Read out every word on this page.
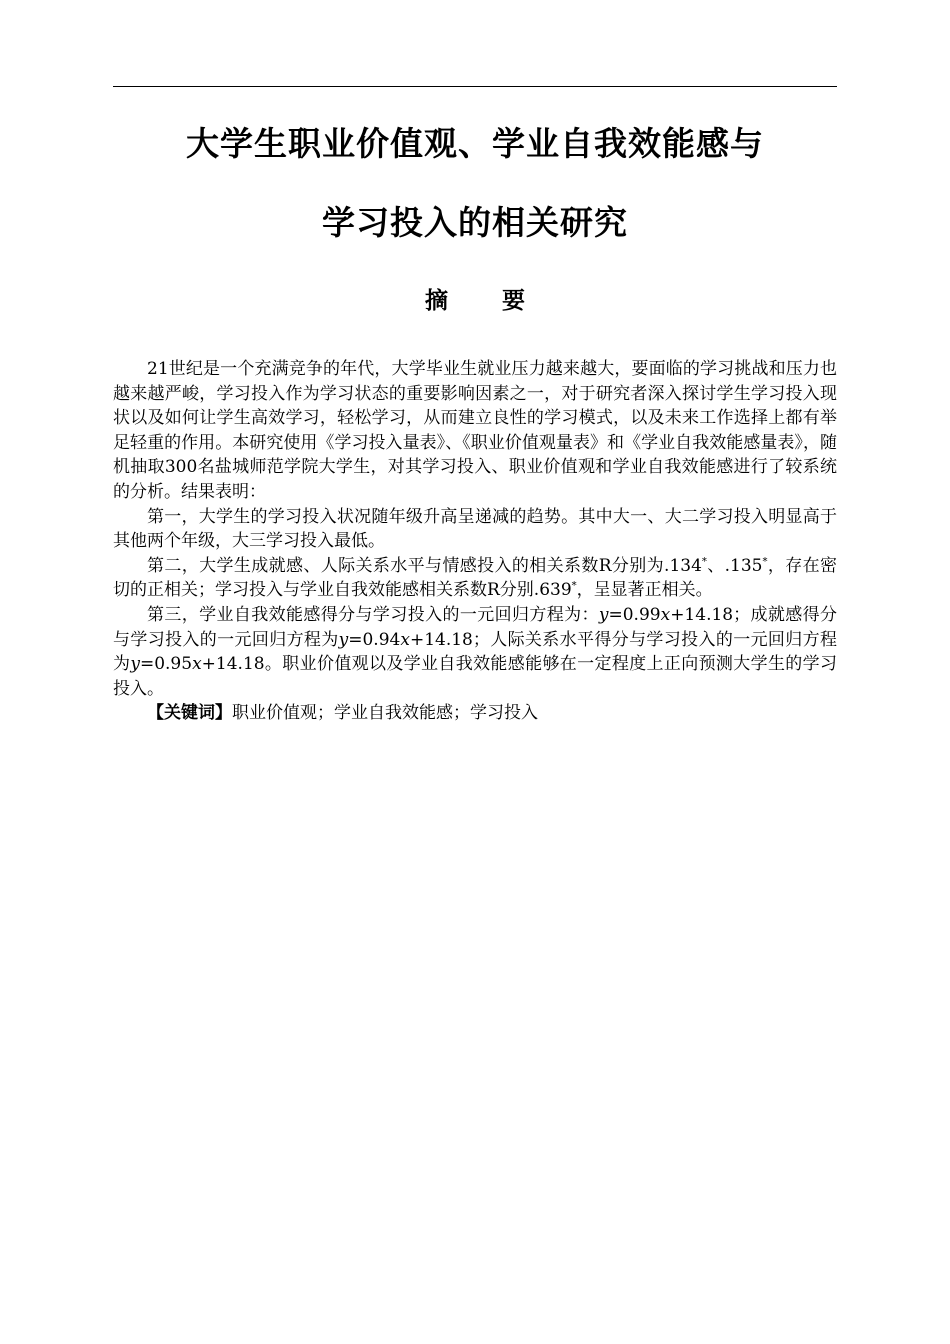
大学生职业价值观、学业自我效能感与
学习投入的相关研究
摘要

21世纪是一个充满竞争的年代，大学毕业生就业压力越来越大，要面临的学习挑战和压力也越来越严峻，学习投入作为学习状态的重要影响因素之一，对于研究者深入探讨学生学习投入现状以及如何让学生高效学习，轻松学习，从而建立良性的学习模式，以及未来工作选择上都有举足轻重的作用。本研究使用《学习投入量表》、《职业价值观量表》和《学业自我效能感量表》，随机抽取300名盐城师范学院大学生，对其学习投入、职业价值观和学业自我效能感进行了较系统的分析。结果表明：

第一，大学生的学习投入状况随年级升高呈递减的趋势。其中大一、大二学习投入明显高于其他两个年级，大三学习投入最低。

第二，大学生成就感、人际关系水平与情感投入的相关系数R分别为.134*、.135*，存在密切的正相关；学习投入与学业自我效能感相关系数R分别.639*，呈显著正相关。

第三，学业自我效能感得分与学习投入的一元回归方程为：y=0.99x+14.18；成就感得分与学习投入的一元回归方程为y=0.94x+14.18；人际关系水平得分与学习投入的一元回归方程为y=0.95x+14.18。职业价值观以及学业自我效能感能够在一定程度上正向预测大学生的学习投入。

【关键词】职业价值观；学业自我效能感；学习投入
